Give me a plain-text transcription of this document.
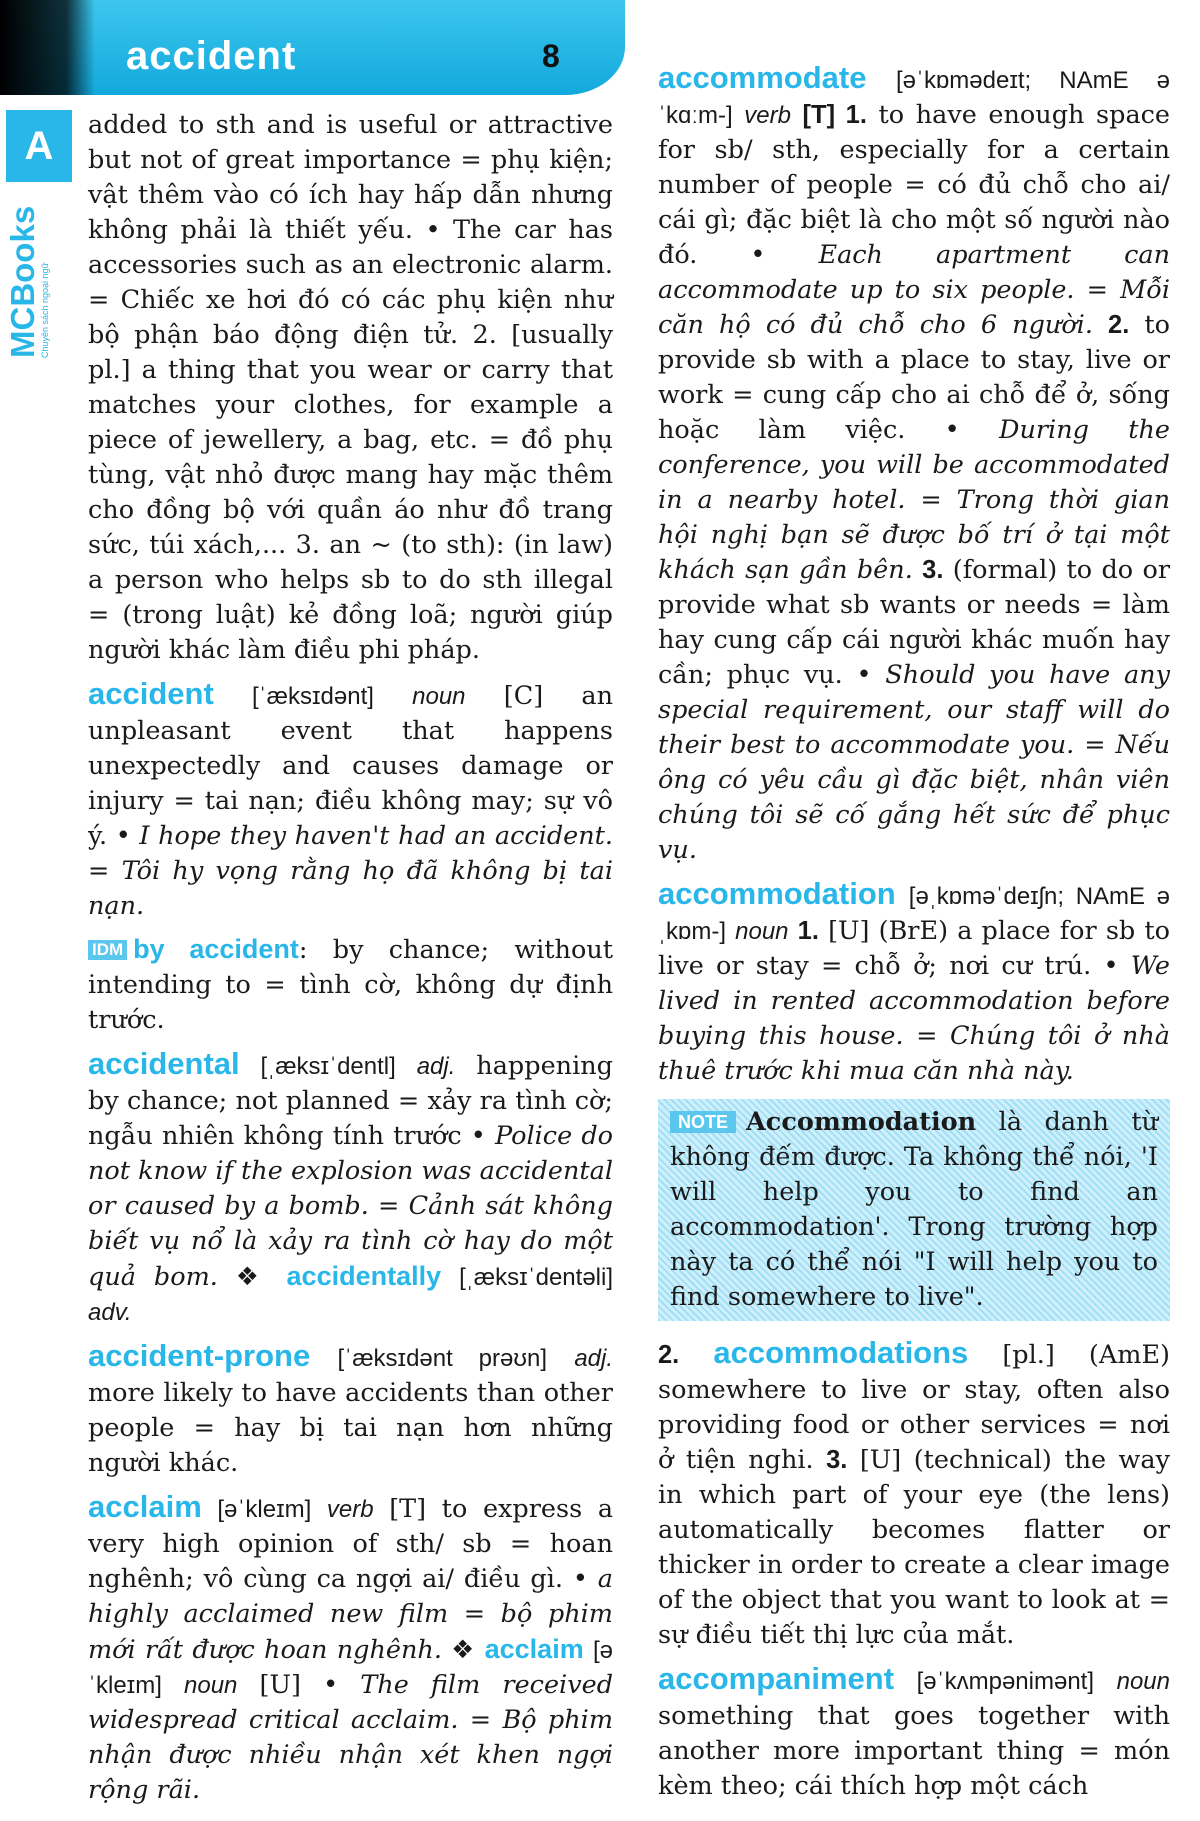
accident	8
A
MCBooks Chuyên sách ngoại ngữ

added to sth and is useful or attractive but not of great importance = phụ kiện; vật thêm vào có ích hay hấp dẫn nhưng không phải là thiết yếu. • The car has accessories such as an electronic alarm. = Chiếc xe hơi đó có các phụ kiện như bộ phận báo động điện tử. 2. [usually pl.] a thing that you wear or carry that matches your clothes, for example a piece of jewellery, a bag, etc. = đồ phụ tùng, vật nhỏ được mang hay mặc thêm cho đồng bộ với quần áo như đồ trang sức, túi xách,... 3. an ~ (to sth): (in law) a person who helps sb to do sth illegal = (trong luật) kẻ đồng loã; người giúp người khác làm điều phi pháp.

accident [ˈæksɪdənt] noun [C] an unpleasant event that happens unexpectedly and causes damage or injury = tai nạn; điều không may; sự vô ý. • I hope they haven't had an accident. = Tôi hy vọng rằng họ đã không bị tai nạn.

IDM by accident: by chance; without intending to = tình cờ, không dự định trước.

accidental [ˌæksɪˈdentl] adj. happening by chance; not planned = xảy ra tình cờ; ngẫu nhiên không tính trước • Police do not know if the explosion was accidental or caused by a bomb. = Cảnh sát không biết vụ nổ là xảy ra tình cờ hay do một quả bom. ❖ accidentally [ˌæksɪˈdentəli] adv.

accident-prone [ˈæksɪdənt prəʊn] adj. more likely to have accidents than other people = hay bị tai nạn hơn những người khác.

acclaim [əˈkleɪm] verb [T] to express a very high opinion of sth/ sb = hoan nghênh; vô cùng ca ngợi ai/ điều gì. • a highly acclaimed new film = bộ phim mới rất được hoan nghênh. ❖ acclaim [əˈkleɪm] noun [U] • The film received widespread critical acclaim. = Bộ phim nhận được nhiều nhận xét khen ngợi rộng rãi.

accommodate [əˈkɒmədeɪt; NAmE əˈkɑːm-] verb [T] 1. to have enough space for sb/ sth, especially for a certain number of people = có đủ chỗ cho ai/ cái gì; đặc biệt là cho một số người nào đó. • Each apartment can accommodate up to six people. = Mỗi căn hộ có đủ chỗ cho 6 người. 2. to provide sb with a place to stay, live or work = cung cấp cho ai chỗ để ở, sống hoặc làm việc. • During the conference, you will be accommodated in a nearby hotel. = Trong thời gian hội nghị bạn sẽ được bố trí ở tại một khách sạn gần bên. 3. (formal) to do or provide what sb wants or needs = làm hay cung cấp cái người khác muốn hay cần; phục vụ. • Should you have any special requirement, our staff will do their best to accommodate you. = Nếu ông có yêu cầu gì đặc biệt, nhân viên chúng tôi sẽ cố gắng hết sức để phục vụ.

accommodation [əˌkɒməˈdeɪʃn; NAmE əˌkɒm-] noun 1. [U] (BrE) a place for sb to live or stay = chỗ ở; nơi cư trú. • We lived in rented accommodation before buying this house. = Chúng tôi ở nhà thuê trước khi mua căn nhà này.

NOTE Accommodation là danh từ không đếm được. Ta không thể nói, 'I will help you to find an accommodation'. Trong trường hợp này ta có thể nói "I will help you to find somewhere to live".

2. accommodations [pl.] (AmE) somewhere to live or stay, often also providing food or other services = nơi ở tiện nghi. 3. [U] (technical) the way in which part of your eye (the lens) automatically becomes flatter or thicker in order to create a clear image of the object that you want to look at = sự điều tiết thị lực của mắt.

accompaniment [əˈkʌmpənimənt] noun something that goes together with another more important thing = món kèm theo; cái thích hợp một cách
